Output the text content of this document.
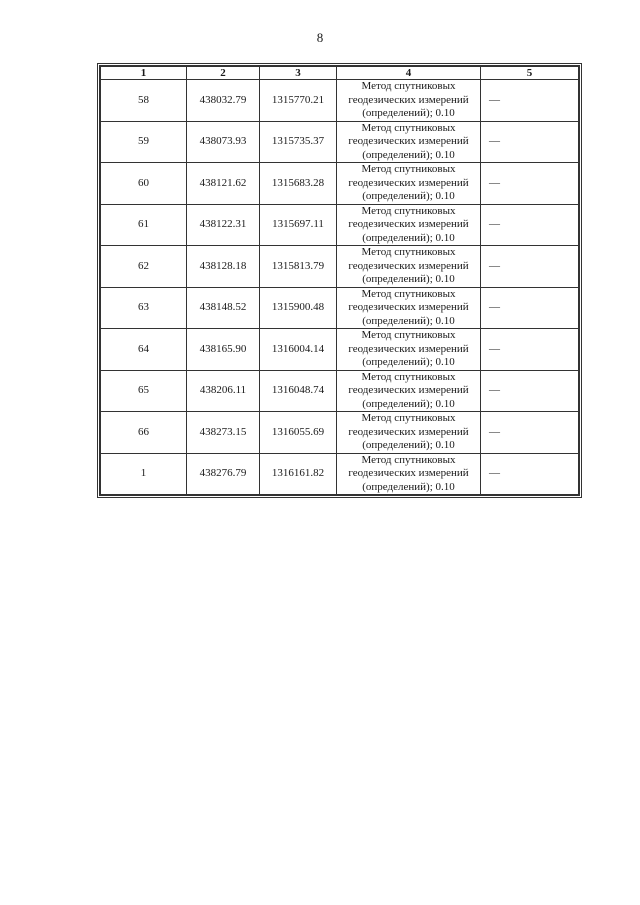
8
1	2	3	4	5
58	438032.79	1315770.21	Метод спутниковых
геодезических измерений
(определений); 0.10	—
59	438073.93	1315735.37	Метод спутниковых
геодезических измерений
(определений); 0.10	—
60	438121.62	1315683.28	Метод спутниковых
геодезических измерений
(определений); 0.10	—
61	438122.31	1315697.11	Метод спутниковых
геодезических измерений
(определений); 0.10	—
62	438128.18	1315813.79	Метод спутниковых
геодезических измерений
(определений); 0.10	—
63	438148.52	1315900.48	Метод спутниковых
геодезических измерений
(определений); 0.10	—
64	438165.90	1316004.14	Метод спутниковых
геодезических измерений
(определений); 0.10	—
65	438206.11	1316048.74	Метод спутниковых
геодезических измерений
(определений); 0.10	—
66	438273.15	1316055.69	Метод спутниковых
геодезических измерений
(определений); 0.10	—
1	438276.79	1316161.82	Метод спутниковых
геодезических измерений
(определений); 0.10	—
